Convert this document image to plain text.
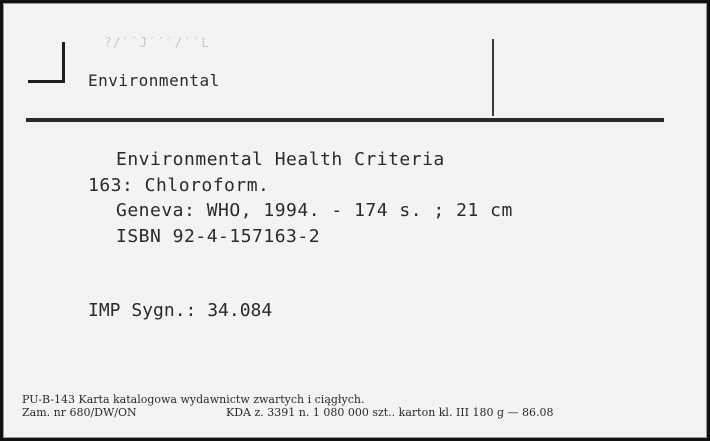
?/′′J′′′/′′L
Environmental
Environmental Health Criteria
163: Chloroform.
Geneva: WHO, 1994. - 174 s. ; 21 cm
ISBN 92-4-157163-2
IMP Sygn.: 34.084
PU-B-143 Karta katalogowa wydawnictw zwartych i ciągłych.
Zam. nr 680/DW/ON	KDA z. 3391 n. 1 080 000 szt.. karton kl. III 180 g — 86.08
